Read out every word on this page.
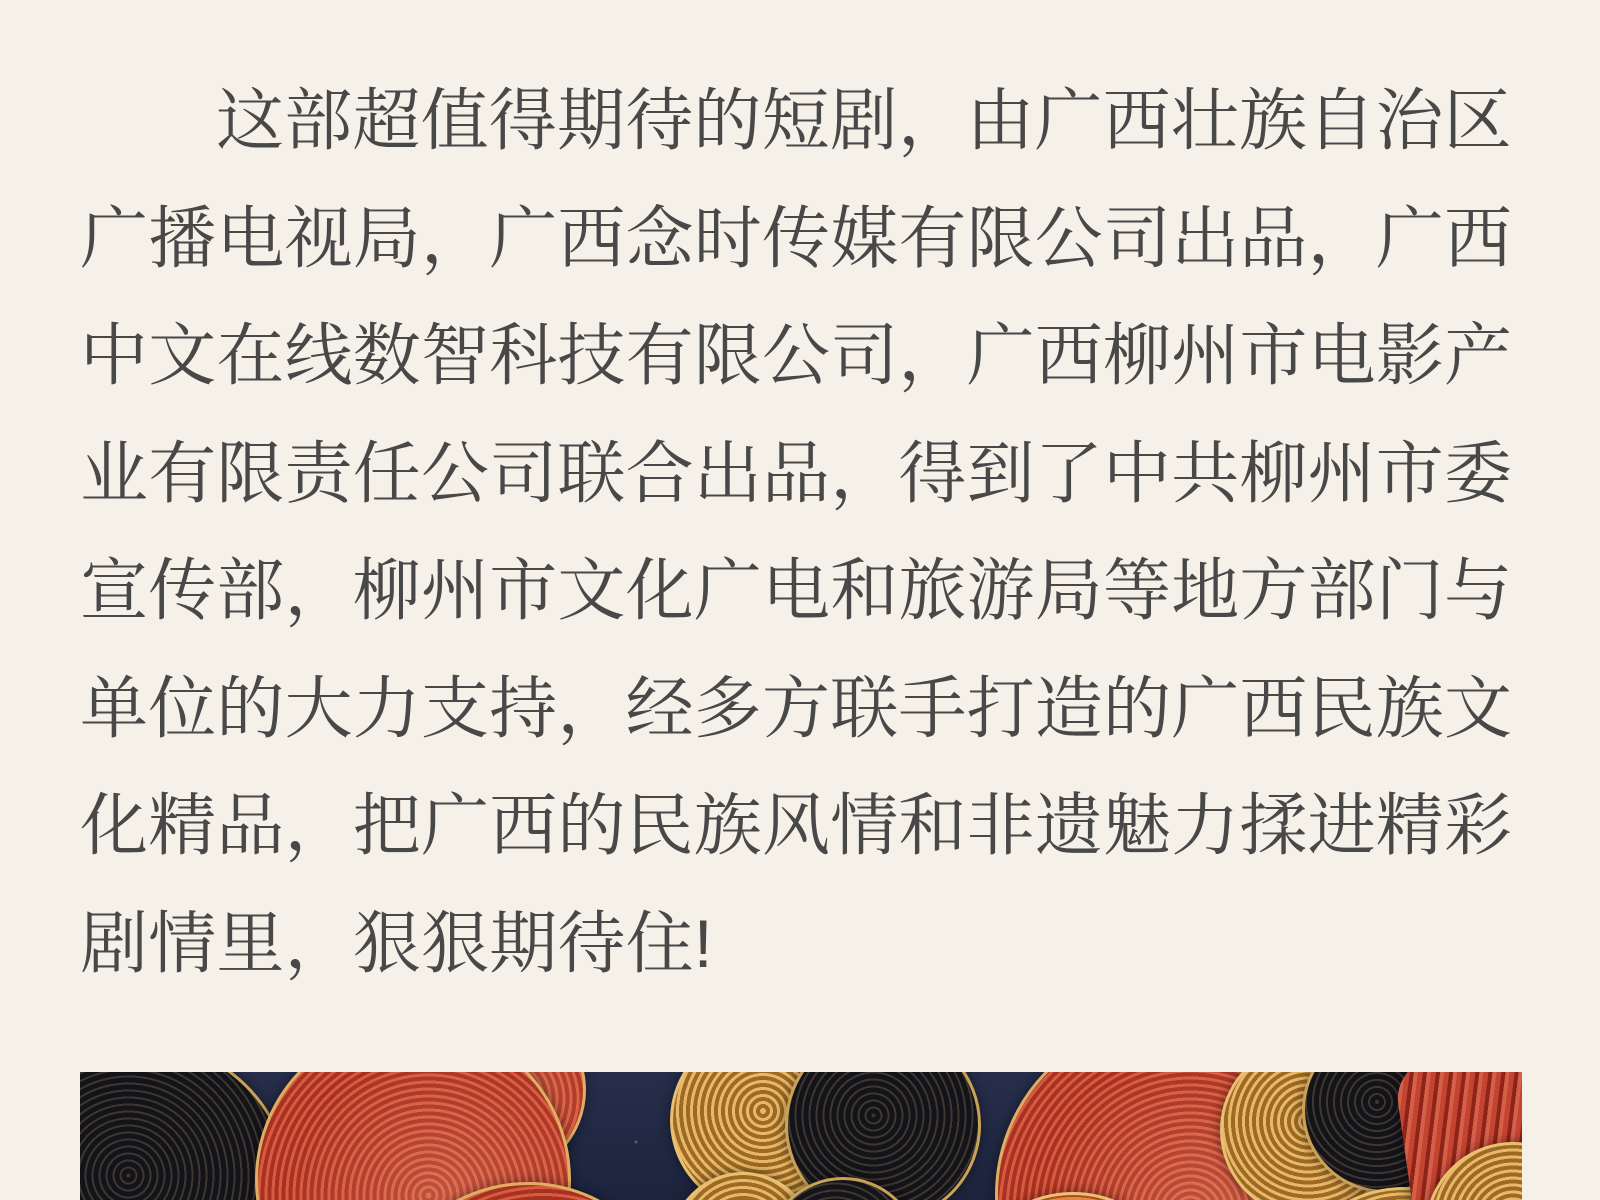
这部超值得期待的短剧，由广西壮族自治区
广播电视局，广西念时传媒有限公司出品，广西
中文在线数智科技有限公司，广西柳州市电影产
业有限责任公司联合出品，得到了中共柳州市委
宣传部，柳州市文化广电和旅游局等地方部门与
单位的大力支持，经多方联手打造的广西民族文
化精品，把广西的民族风情和非遗魅力揉进精彩
剧情里，狠狠期待住!
